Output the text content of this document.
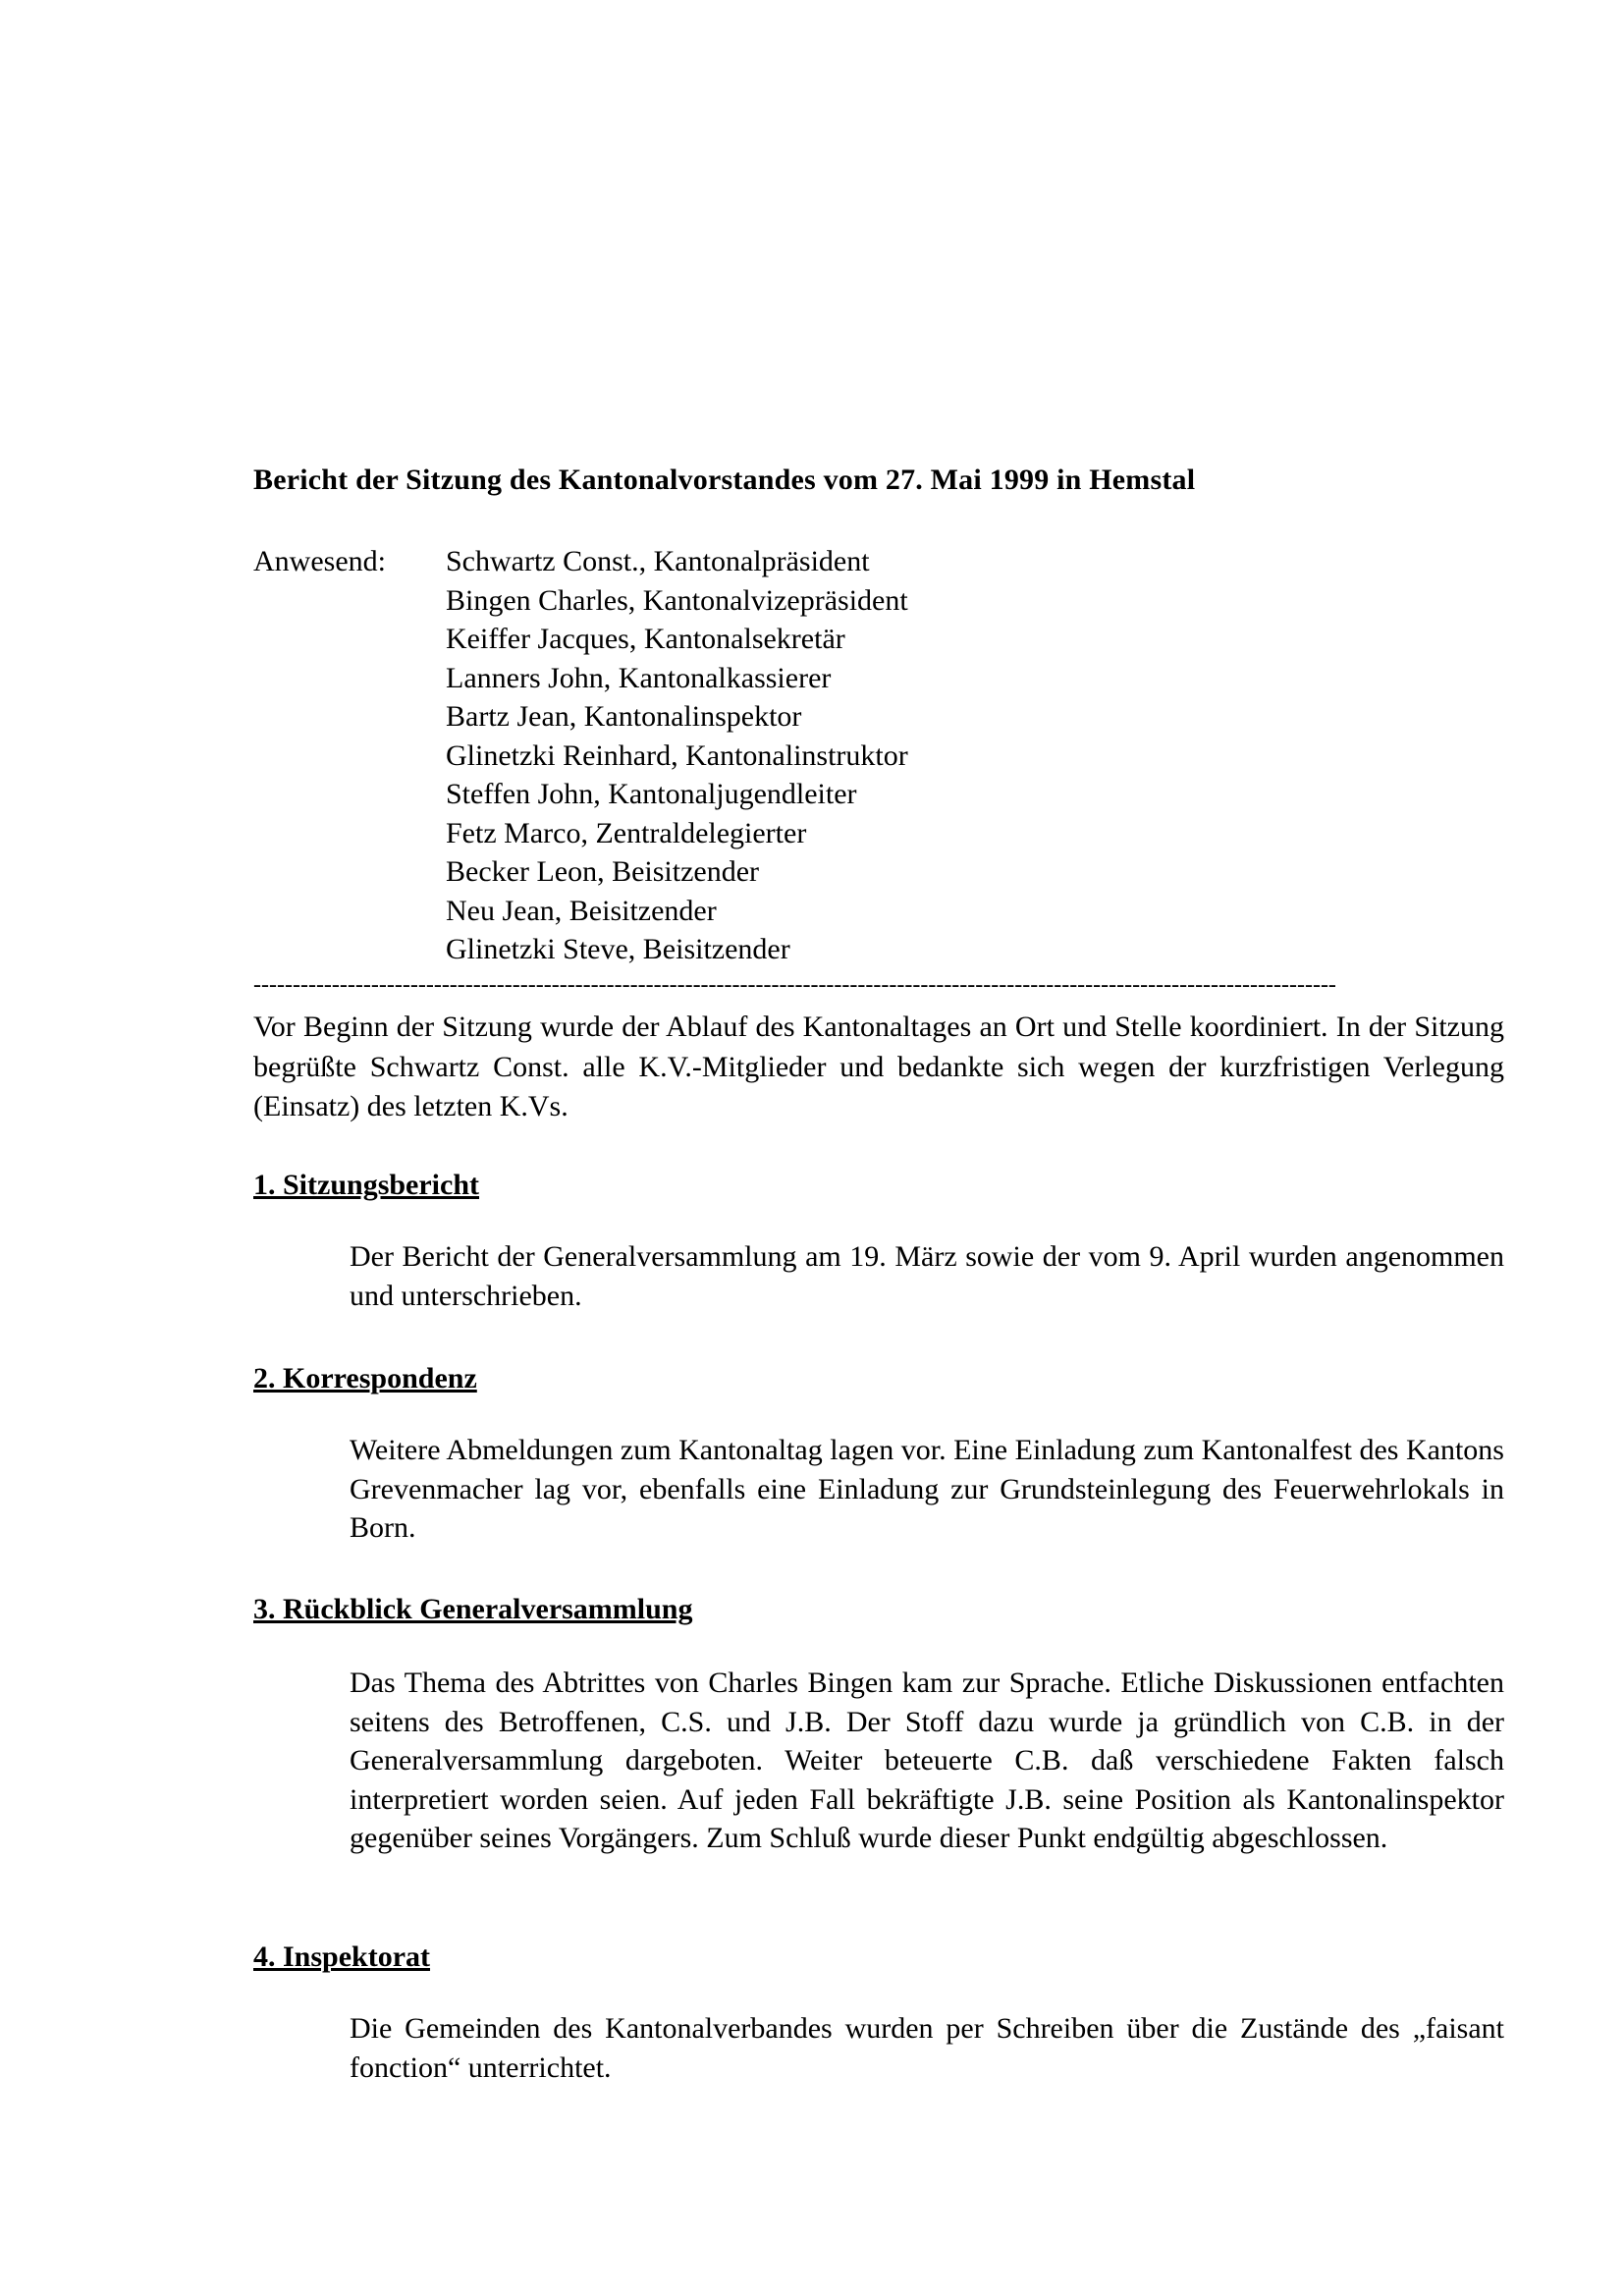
Bericht der Sitzung des Kantonalvorstandes vom 27. Mai 1999 in Hemstal
Anwesend: Schwartz Const., Kantonalpräsident
Bingen Charles, Kantonalvizepräsident
Keiffer Jacques, Kantonalsekretär
Lanners John, Kantonalkassierer
Bartz Jean, Kantonalinspektor
Glinetzki Reinhard, Kantonalinstruktor
Steffen John, Kantonaljugendleiter
Fetz Marco, Zentraldelegierter
Becker Leon, Beisitzender
Neu Jean, Beisitzender
Glinetzki Steve, Beisitzender
------------------------------------------------------------------------------------------------------------------------------------------

Vor Beginn der Sitzung wurde der Ablauf des Kantonaltages an Ort und Stelle koordiniert. In der Sitzung begrüßte Schwartz Const. alle K.V.-Mitglieder und bedankte sich wegen der kurzfristigen Verlegung (Einsatz) des letzten K.Vs.

1. Sitzungsbericht

Der Bericht der Generalversammlung am 19. März sowie der vom 9. April wurden angenommen und unterschrieben.

2. Korrespondenz

Weitere Abmeldungen zum Kantonaltag lagen vor. Eine Einladung zum Kantonalfest des Kantons Grevenmacher lag vor, ebenfalls eine Einladung zur Grundsteinlegung des Feuerwehrlokals in Born.

3. Rückblick Generalversammlung

Das Thema des Abtrittes von Charles Bingen kam zur Sprache. Etliche Diskussionen entfachten seitens des Betroffenen, C.S. und J.B. Der Stoff dazu wurde ja gründlich von C.B. in der Generalversammlung dargeboten. Weiter beteuerte C.B. daß verschiedene Fakten falsch interpretiert worden seien. Auf jeden Fall bekräftigte J.B. seine Position als Kantonalinspektor gegenüber seines Vorgängers. Zum Schluß wurde dieser Punkt endgültig abgeschlossen.

4. Inspektorat

Die Gemeinden des Kantonalverbandes wurden per Schreiben über die Zustände des „faisant fonction“ unterrichtet.
